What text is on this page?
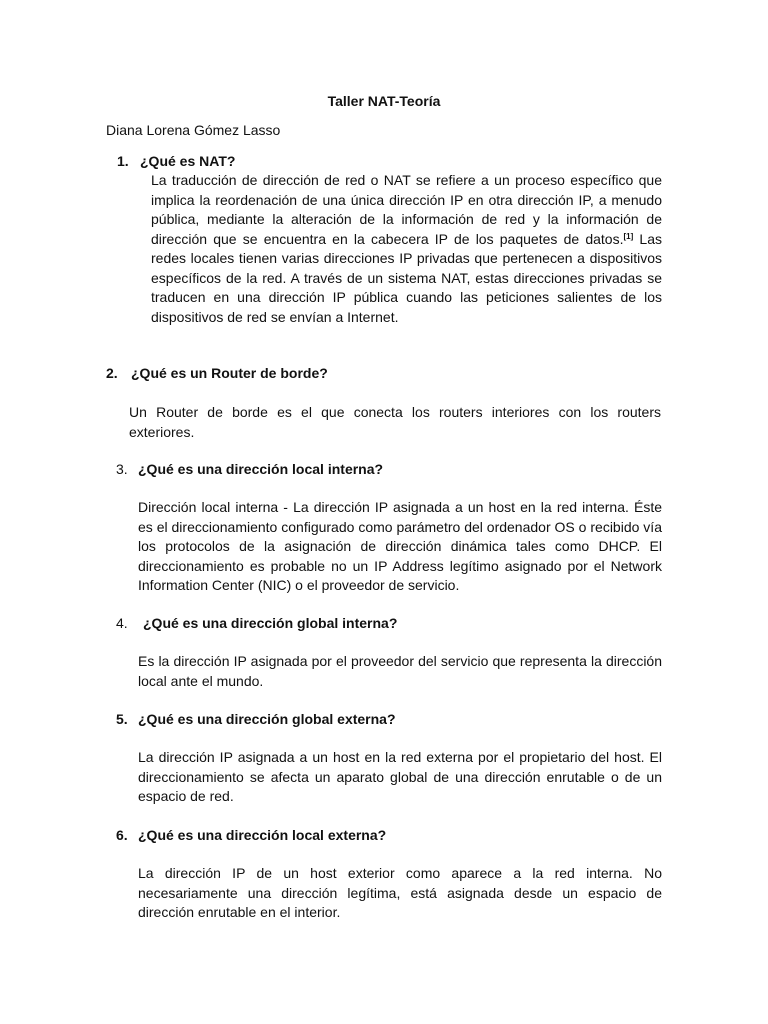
Taller NAT-Teoría
Diana Lorena Gómez Lasso
1. ¿Qué es NAT?

La traducción de dirección de red o NAT se refiere a un proceso específico que implica la reordenación de una única dirección IP en otra dirección IP, a menudo pública, mediante la alteración de la información de red y la información de dirección que se encuentra en la cabecera IP de los paquetes de datos.[1] Las redes locales tienen varias direcciones IP privadas que pertenecen a dispositivos específicos de la red. A través de un sistema NAT, estas direcciones privadas se traducen en una dirección IP pública cuando las peticiones salientes de los dispositivos de red se envían a Internet.

2. ¿Qué es un Router de borde?

Un Router de borde es el que conecta los routers interiores con los routers exteriores.

3. ¿Qué es una dirección local interna?

Dirección local interna - La dirección IP asignada a un host en la red interna. Éste es el direccionamiento configurado como parámetro del ordenador OS o recibido vía los protocolos de la asignación de dirección dinámica tales como DHCP. El direccionamiento es probable no un IP Address legítimo asignado por el Network Information Center (NIC) o el proveedor de servicio.

4. ¿Qué es una dirección global interna?

Es la dirección IP asignada por el proveedor del servicio que representa la dirección local ante el mundo.

5. ¿Qué es una dirección global externa?

La dirección IP asignada a un host en la red externa por el propietario del host. El direccionamiento se afecta un aparato global de una dirección enrutable o de un espacio de red.

6. ¿Qué es una dirección local externa?

La dirección IP de un host exterior como aparece a la red interna. No necesariamente una dirección legítima, está asignada desde un espacio de dirección enrutable en el interior.
